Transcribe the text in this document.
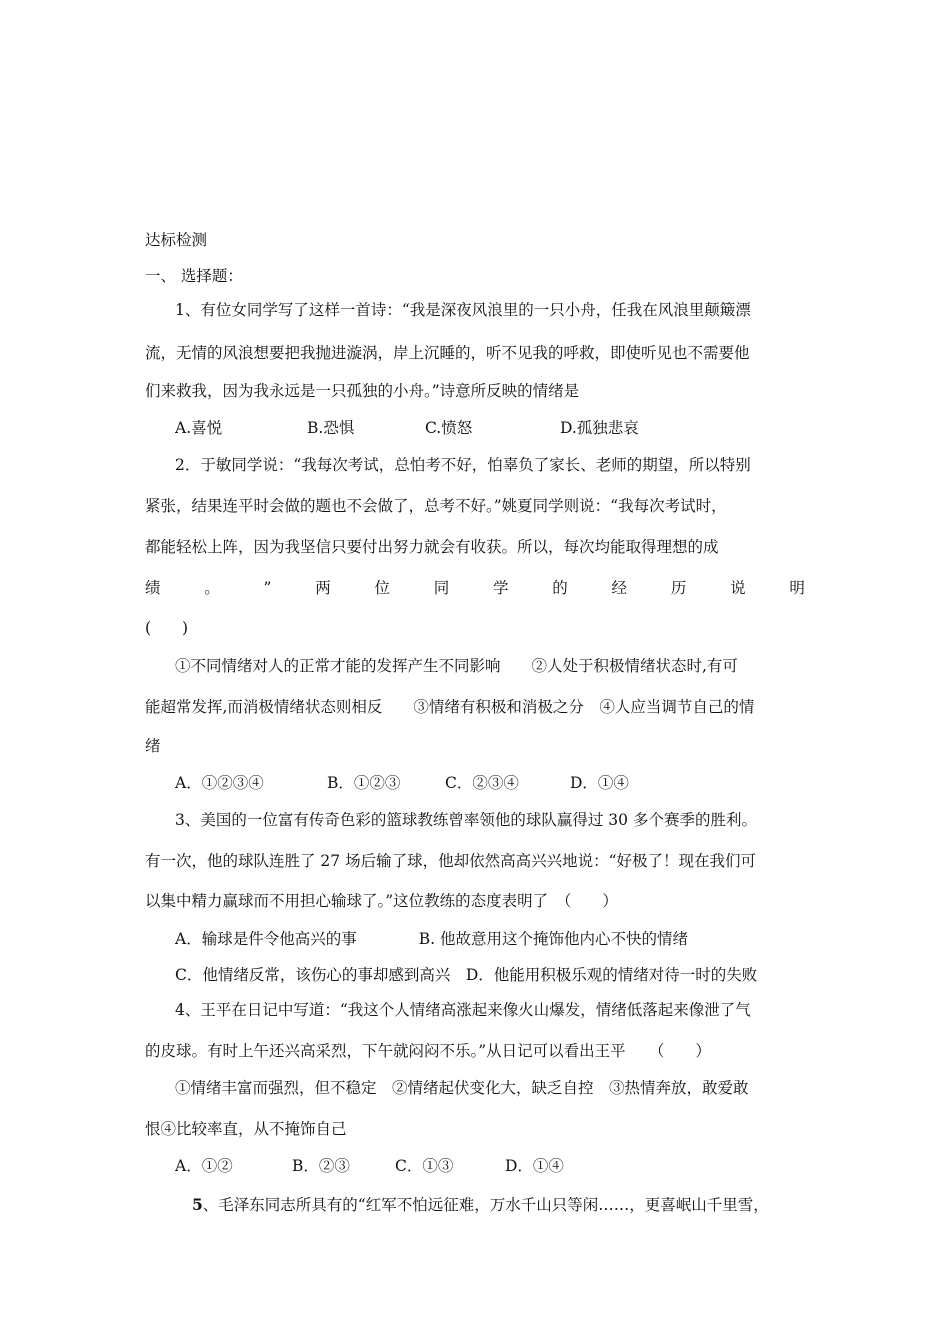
达标检测
一、 选择题：
1、有位女同学写了这样一首诗：“我是深夜风浪里的一只小舟，任我在风浪里颠簸漂
流，无情的风浪想要把我抛进漩涡，岸上沉睡的，听不见我的呼救，即使听见也不需要他
们来救我，因为我永远是一只孤独的小舟。”诗意所反映的情绪是
A.喜悦	B.恐惧	C.愤怒	D.孤独悲哀
2．于敏同学说：“我每次考试，总怕考不好，怕辜负了家长、老师的期望，所以特别
紧张，结果连平时会做的题也不会做了，总考不好。”姚夏同学则说：“我每次考试时，
都能轻松上阵，因为我坚信只要付出努力就会有收获。所以，每次均能取得理想的成
绩	。	”	两	位	同	学	的	经	历	说	明
(　　)
①不同情绪对人的正常才能的发挥产生不同影响　　②人处于积极情绪状态时,有可
能超常发挥,而消极情绪状态则相反　　③情绪有积极和消极之分　④人应当调节自己的情
绪
A．①②③④	B．①②③	C．②③④	D．①④
3、美国的一位富有传奇色彩的篮球教练曾率领他的球队赢得过 30 多个赛季的胜利。
有一次，他的球队连胜了 27 场后输了球，他却依然高高兴兴地说：“好极了！现在我们可
以集中精力赢球而不用担心输球了。”这位教练的态度表明了　（　　）
A．输球是件令他高兴的事　　　　B. 他故意用这个掩饰他内心不快的情绪
C．他情绪反常，该伤心的事却感到高兴　D．他能用积极乐观的情绪对待一时的失败
4、王平在日记中写道：“我这个人情绪高涨起来像火山爆发，情绪低落起来像泄了气
的皮球。有时上午还兴高采烈，下午就闷闷不乐。”从日记可以看出王平　　（　　）
①情绪丰富而强烈，但不稳定　②情绪起伏变化大，缺乏自控　③热情奔放，敢爱敢
恨④比较率直，从不掩饰自己
A．①②	B．②③	C．①③	D．①④
5、毛泽东同志所具有的“红军不怕远征难，万水千山只等闲……，更喜岷山千里雪，
